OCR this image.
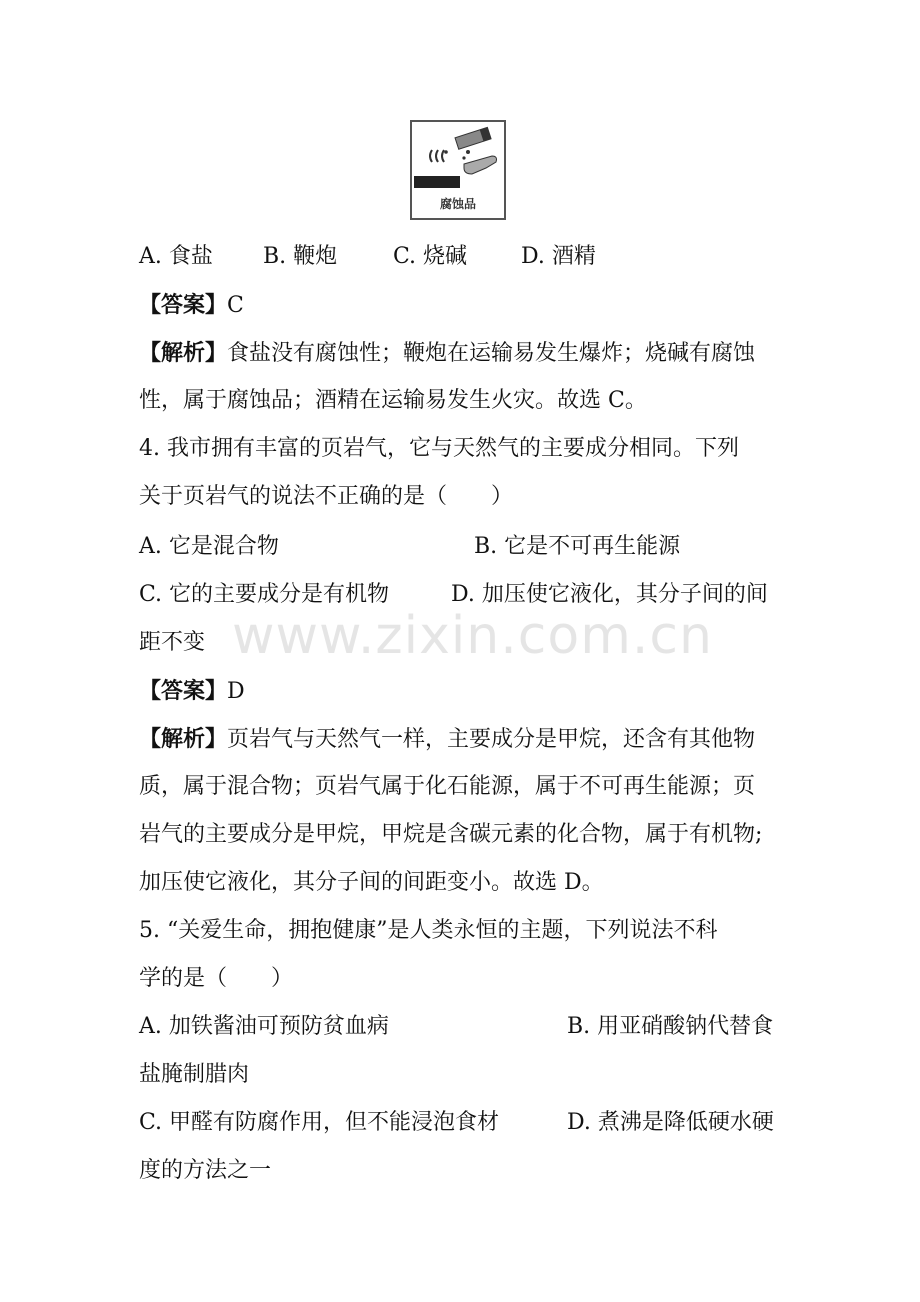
腐蚀品
A. 食盐 B. 鞭炮	C. 烧碱 D. 酒精
【答案】C
【解析】食盐没有腐蚀性；鞭炮在运输易发生爆炸；烧碱有腐蚀
性，属于腐蚀品；酒精在运输易发生火灾。故选 C。
4. 我市拥有丰富的页岩气，它与天然气的主要成分相同。下列
关于页岩气的说法不正确的是（　　）
A. 它是混合物	B. 它是不可再生能源
C. 它的主要成分是有机物	D. 加压使它液化，其分子间的间
距不变
【答案】D
【解析】页岩气与天然气一样，主要成分是甲烷，还含有其他物
质，属于混合物；页岩气属于化石能源，属于不可再生能源；页
岩气的主要成分是甲烷，甲烷是含碳元素的化合物，属于有机物;
加压使它液化，其分子间的间距变小。故选 D。
5. “关爱生命，拥抱健康”是人类永恒的主题，下列说法不科
学的是（　　）
A. 加铁酱油可预防贫血病	B. 用亚硝酸钠代替食
盐腌制腊肉
C. 甲醛有防腐作用，但不能浸泡食材	D. 煮沸是降低硬水硬
度的方法之一
www.zixin.com.cn
